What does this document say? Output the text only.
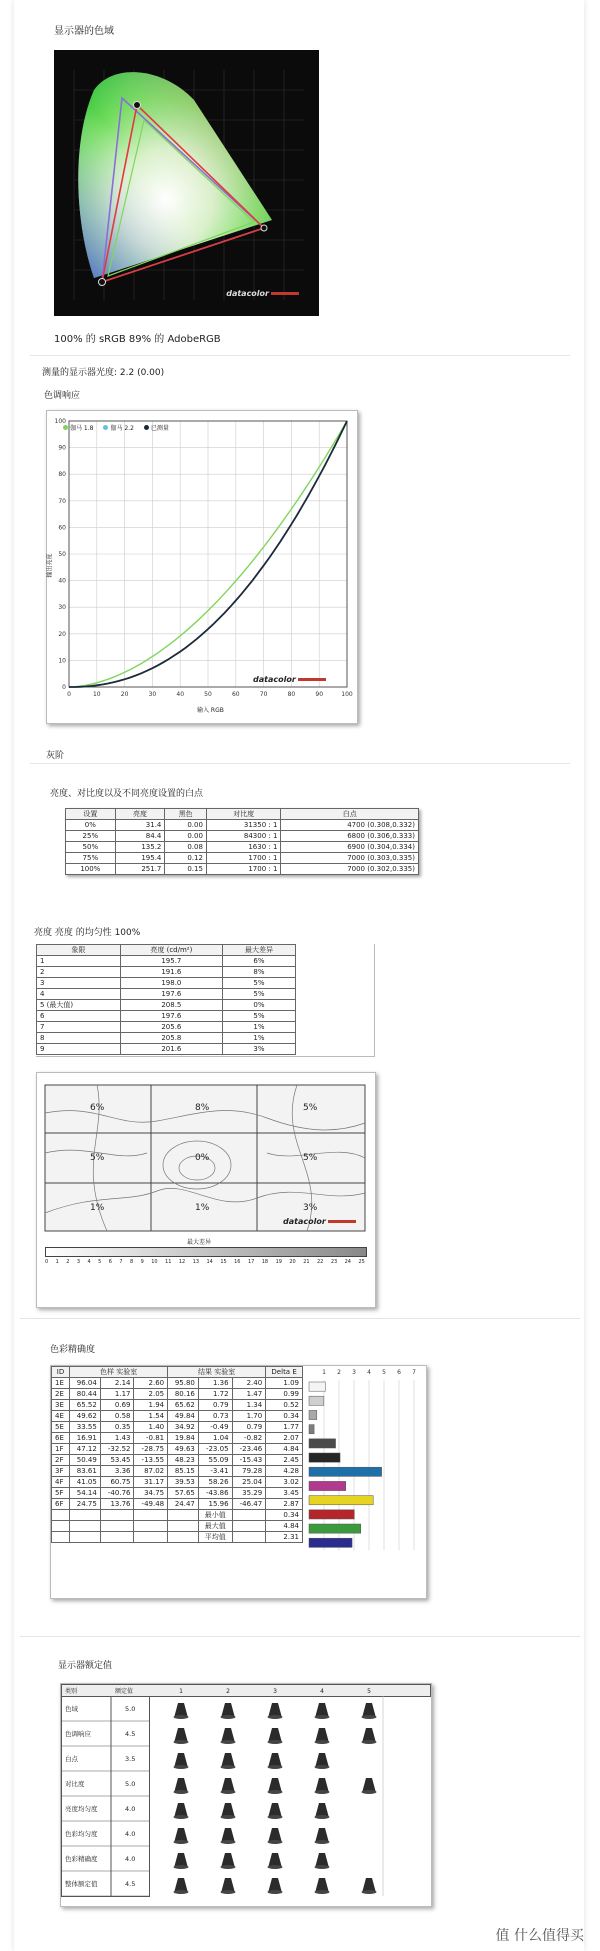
显示器的色域
datacolor
100% 的 sRGB 89% 的 AdobeRGB
测量的显示器光度: 2.2 (0.00)
色调响应
0
0
10
10
20
20
30
30
40
40
50
50
60
60
70
70
80
80
90
90
100
100
伽马 1.8	伽马 2.2	已测量
datacolor
输入 RGB
输出亮度
灰阶
亮度、对比度以及不同亮度设置的白点
设置	亮度	黑色	对比度	白点
0%	31.4	0.00	31350 : 1	4700 (0.308,0.332)
25%	84.4	0.00	84300 : 1	6800 (0.306,0.333)
50%	135.2	0.08	1630 : 1	6900 (0.304,0.334)
75%	195.4	0.12	1700 : 1	7000 (0.303,0.335)
100%	251.7	0.15	1700 : 1	7000 (0.302,0.335)
亮度 亮度 的均匀性 100%
象限	亮度 (cd/m²)	最大差异
1	195.7	6%
2	191.6	8%
3	198.0	5%
4	197.6	5%
5 (最大值)	208.5	0%
6	197.6	5%
7	205.6	1%
8	205.8	1%
9	201.6	3%
6%	8%	5%
5%	0%	5%
1%	1%	3%
datacolor
最大差异
0 1 2 3 4 5 6 7 8 9 10 11 12 13 14 15 16 17 18 19 20 21 22 23 24 25
色彩精确度
ID	色样 实验室			结果 实验室			Delta E
1E	96.04	2.14	2.60	95.80	1.36	2.40	1.09
2E	80.44	1.17	2.05	80.16	1.72	1.47	0.99
3E	65.52	0.69	1.94	65.62	0.79	1.34	0.52
4E	49.62	0.58	1.54	49.84	0.73	1.70	0.34
5E	33.55	0.35	1.40	34.92	-0.49	0.79	1.77
6E	16.91	1.43	-0.81	19.84	1.04	-0.82	2.07
1F	47.12	-32.52	-28.75	49.63	-23.05	-23.46	4.84
2F	50.49	53.45	-13.55	48.23	55.09	-15.43	2.45
3F	83.61	3.36	87.02	85.15	-3.41	79.28	4.28
4F	41.05	60.75	31.17	39.53	58.26	25.04	3.02
5F	54.14	-40.76	34.75	57.65	-43.86	35.29	3.45
6F	24.75	13.76	-49.48	24.47	15.96	-46.47	2.87
					最小值		0.34
					最大值		4.84
					平均值		2.31
1 2 3 4 5 6 7
显示器额定值
类别	额定值	1	2	3	4	5
色域	5.0
色调响应	4.5
白点	3.5
对比度	5.0
亮度均匀度	4.0
色彩均匀度	4.0
色彩精确度	4.0
整体额定值	4.5
值 什么值得买
